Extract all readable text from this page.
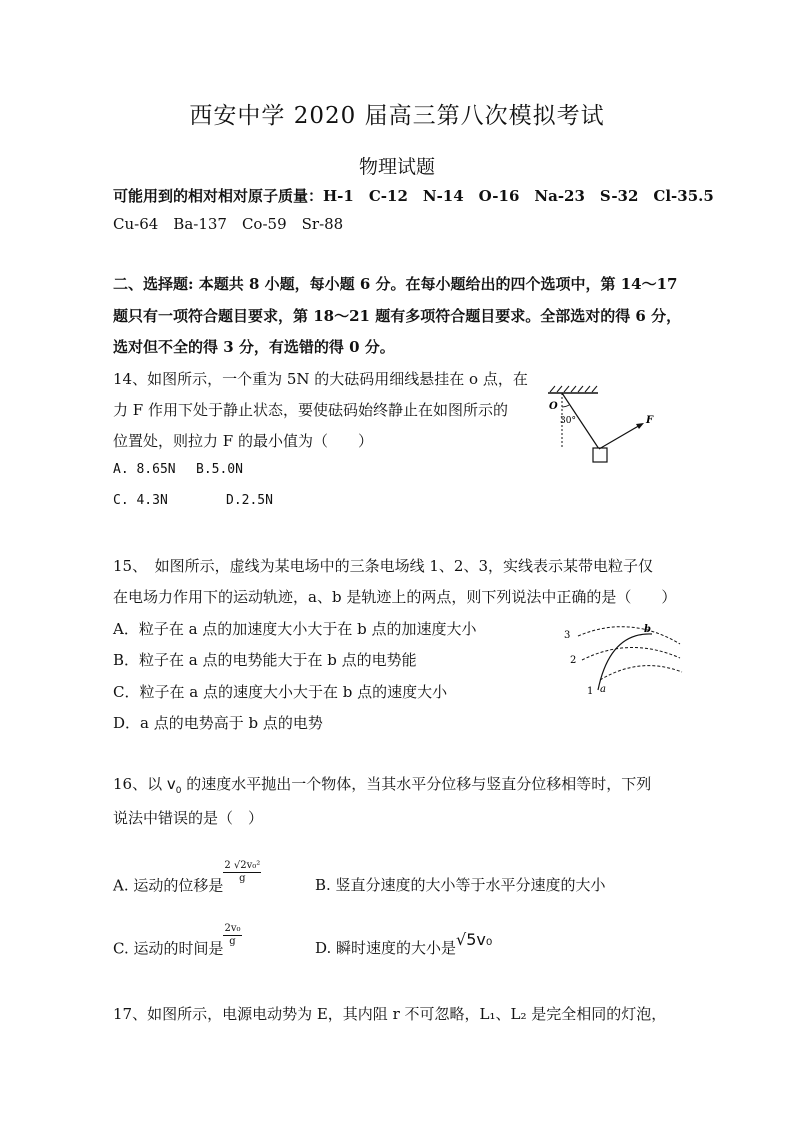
西安中学 2020 届高三第八次模拟考试
物理试题
可能用到的相对相对原子质量：H-1　C-12　N-14　O-16　Na-23　S-32　Cl-35.5
Cu-64　Ba-137　Co-59　Sr-88
二、选择题: 本题共 8 小题，每小题 6 分。在每小题给出的四个选项中，第 14～17
题只有一项符合题目要求，第 18～21 题有多项符合题目要求。全部选对的得 6 分，
选对但不全的得 3 分，有选错的得 0 分。
14、如图所示，一个重为 5N 的大砝码用细线悬挂在 o 点，在
力 F 作用下处于静止状态，要使砝码始终静止在如图所示的
位置处，则拉力 F 的最小值为（　　）
A. 8.65N B.5.0N
C. 4.3N	D.2.5N
O
30°	F
15、　如图所示，虚线为某电场中的三条电场线 1、2、3，实线表示某带电粒子仅
在电场力作用下的运动轨迹，a、b 是轨迹上的两点，则下列说法中正确的是（　　）
A．粒子在 a 点的加速度大小大于在 b 点的加速度大小
B．粒子在 a 点的电势能大于在 b 点的电势能
C．粒子在 a 点的速度大小大于在 b 点的速度大小
D．a 点的电势高于 b 点的电势
3
2
1 a
b
16、以 $v_0$ 的速度水平抛出一个物体，当其水平分位移与竖直分位移相等时，下列
说法中错误的是（　）
A. 运动的位移是
$\frac{\text{2 √2v₀²}}{g}$	B. 竖直分速度的大小等于水平分速度的大小
C. 运动的时间是
$\frac{\text{2v₀}}{g}$	D. 瞬时速度的大小是√5v₀
17、如图所示，电源电动势为 E，其内阻 r 不可忽略，L₁、L₂ 是完全相同的灯泡，
